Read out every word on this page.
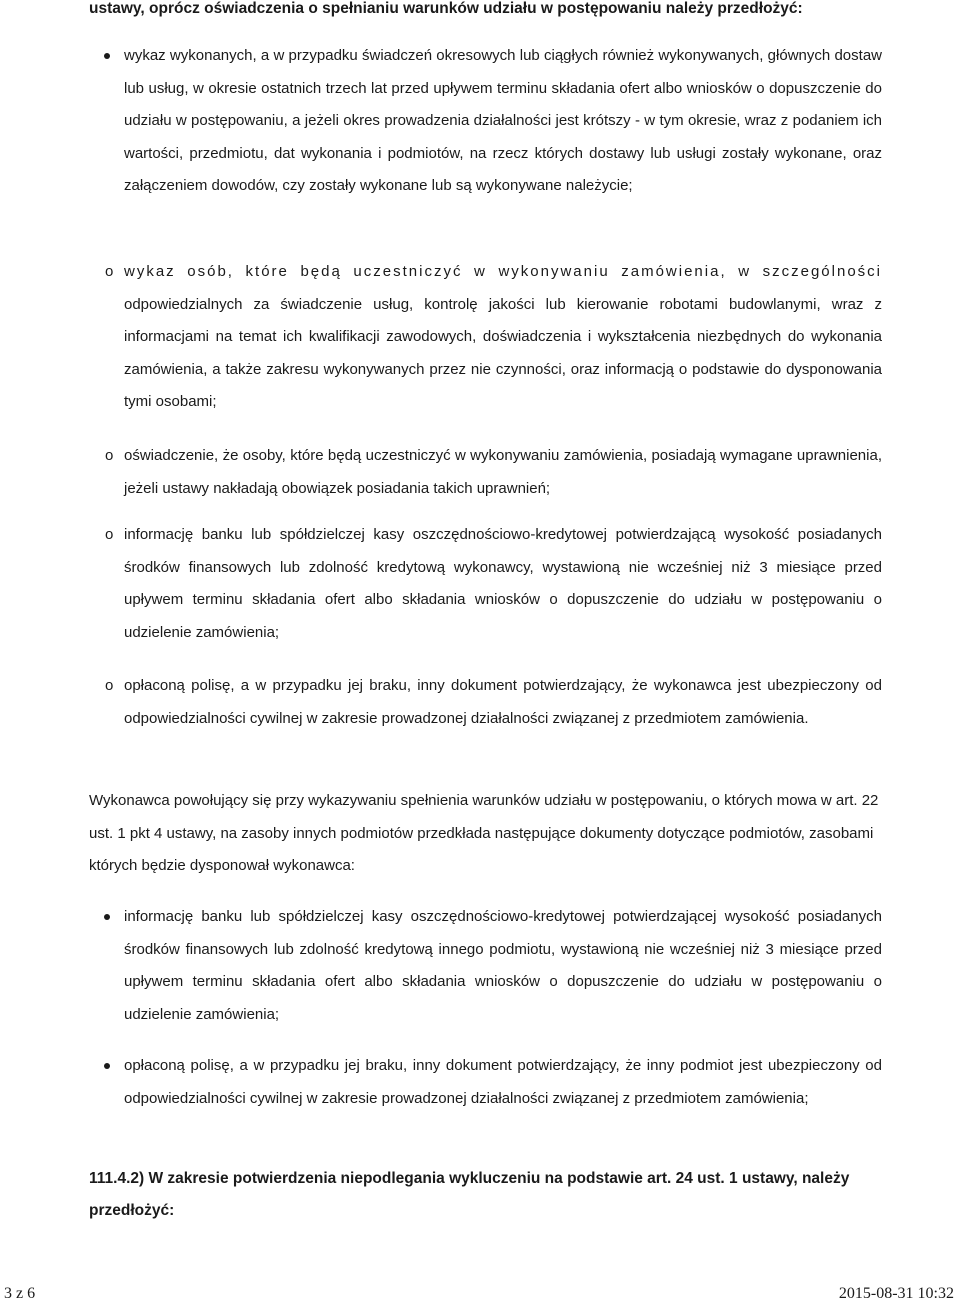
ustawy, oprócz oświadczenia o spełnianiu warunków udziału w postępowaniu należy przedłożyć:
wykaz wykonanych, a w przypadku świadczeń okresowych lub ciągłych również wykonywanych, głównych dostaw lub usług, w okresie ostatnich trzech lat przed upływem terminu składania ofert albo wniosków o dopuszczenie do udziału w postępowaniu, a jeżeli okres prowadzenia działalności jest krótszy - w tym okresie, wraz z podaniem ich wartości, przedmiotu, dat wykonania i podmiotów, na rzecz których dostawy lub usługi zostały wykonane, oraz załączeniem dowodów, czy zostały wykonane lub są wykonywane należycie;
o wykaz osób, które będą uczestniczyć w wykonywaniu zamówienia, w szczególności odpowiedzialnych za świadczenie usług, kontrolę jakości lub kierowanie robotami budowlanymi, wraz z informacjami na temat ich kwalifikacji zawodowych, doświadczenia i wykształcenia niezbędnych do wykonania zamówienia, a także zakresu wykonywanych przez nie czynności, oraz informacją o podstawie do dysponowania tymi osobami;
o oświadczenie, że osoby, które będą uczestniczyć w wykonywaniu zamówienia, posiadają wymagane uprawnienia, jeżeli ustawy nakładają obowiązek posiadania takich uprawnień;
o informację banku lub spółdzielczej kasy oszczędnościowo-kredytowej potwierdzającą wysokość posiadanych środków finansowych lub zdolność kredytową wykonawcy, wystawioną nie wcześniej niż 3 miesiące przed upływem terminu składania ofert albo składania wniosków o dopuszczenie do udziału w postępowaniu o udzielenie zamówienia;
o opłaconą polisę, a w przypadku jej braku, inny dokument potwierdzający, że wykonawca jest ubezpieczony od odpowiedzialności cywilnej w zakresie prowadzonej działalności związanej z przedmiotem zamówienia.
Wykonawca powołujący się przy wykazywaniu spełnienia warunków udziału w postępowaniu, o których mowa w art. 22 ust. 1 pkt 4 ustawy, na zasoby innych podmiotów przedkłada następujące dokumenty dotyczące podmiotów, zasobami których będzie dysponował wykonawca:
informację banku lub spółdzielczej kasy oszczędnościowo-kredytowej potwierdzającej wysokość posiadanych środków finansowych lub zdolność kredytową innego podmiotu, wystawioną nie wcześniej niż 3 miesiące przed upływem terminu składania ofert albo składania wniosków o dopuszczenie do udziału w postępowaniu o udzielenie zamówienia;
opłaconą polisę, a w przypadku jej braku, inny dokument potwierdzający, że inny podmiot jest ubezpieczony od odpowiedzialności cywilnej w zakresie prowadzonej działalności związanej z przedmiotem zamówienia;
111.4.2) W zakresie potwierdzenia niepodlegania wykluczeniu na podstawie art. 24 ust. 1 ustawy, należy przedłożyć:
3 z 6	2015-08-31 10:32
